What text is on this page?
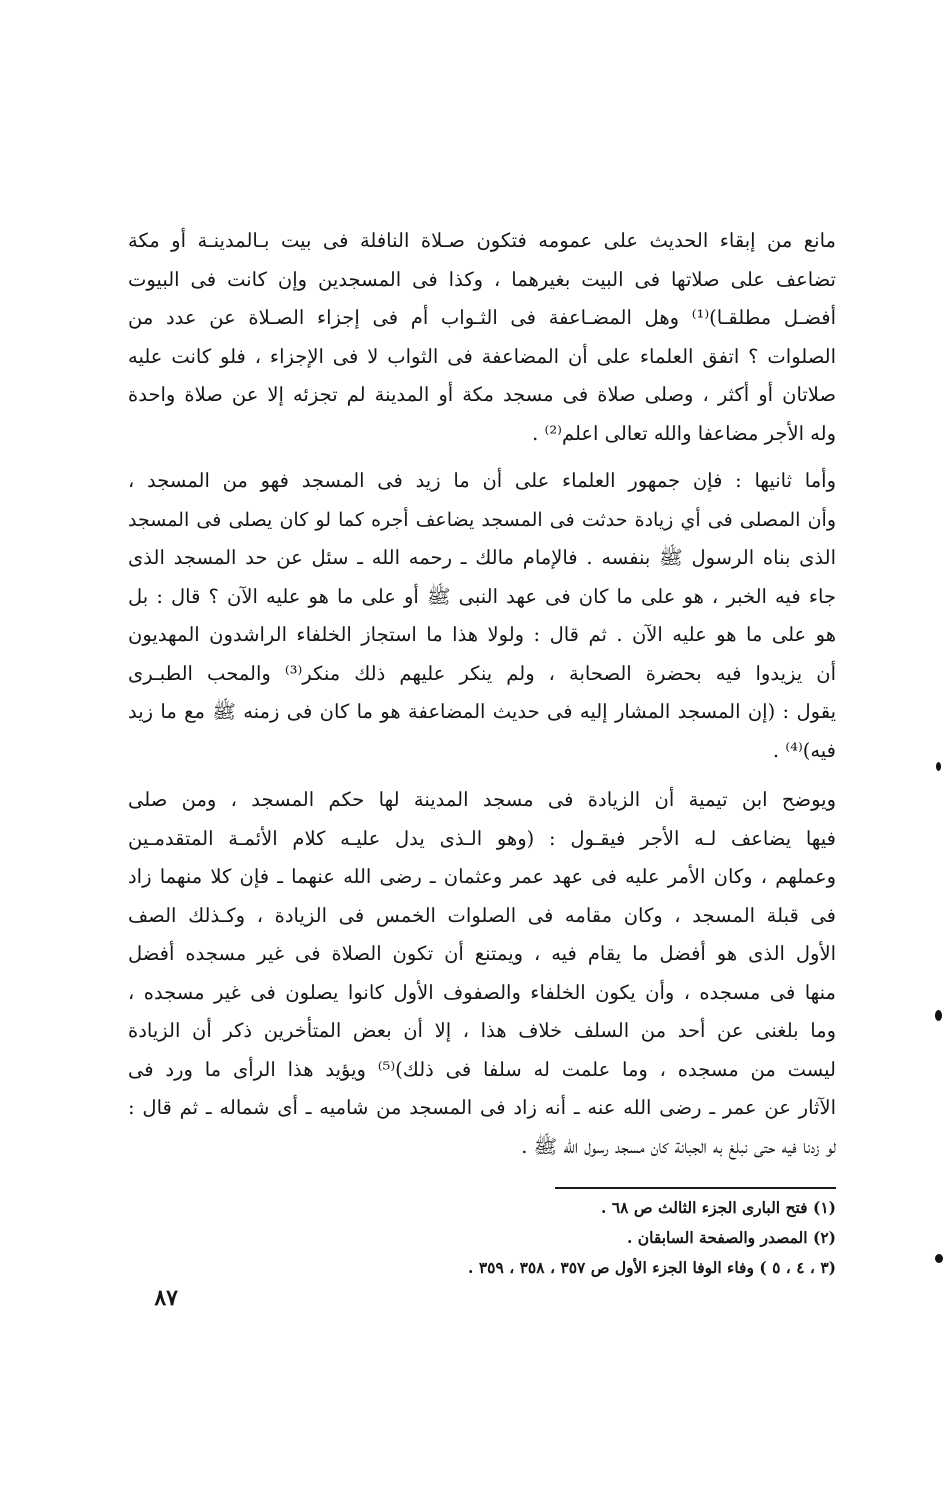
مانع من إبقاء الحديث على عمومه فتكون صـلاة النافلة فى بيت بـالمدينـة أو مكة
تضاعف على صلاتها فى البيت بغيرهما ، وكذا فى المسجدين وإن كانت فى البيوت
أفضـل مطلقـا)⁽¹⁾ وهل المضـاعفة فى الثـواب أم فى إجزاء الصـلاة عن عدد من
الصلوات ؟ اتفق العلماء على أن المضاعفة فى الثواب لا فى الإجزاء ، فلو كانت عليه
صلاتان أو أكثر ، وصلى صلاة فى مسجد مكة أو المدينة لم تجزئه إلا عن صلاة واحدة
وله الأجر مضاعفا والله تعالى اعلم⁽²⁾ .
وأما ثانيها : فإن جمهور العلماء على أن ما زيد فى المسجد فهو من المسجد ،
وأن المصلى فى أي زيادة حدثت فى المسجد يضاعف أجره كما لو كان يصلى فى المسجد
الذى بناه الرسول ﷺ بنفسه . فالإمام مالك ـ رحمه الله ـ سئل عن حد المسجد الذى
جاء فيه الخبر ، هو على ما كان فى عهد النبى ﷺ أو على ما هو عليه الآن ؟ قال : بل
هو على ما هو عليه الآن . ثم قال : ولولا هذا ما استجاز الخلفاء الراشدون المهديون
أن يزيدوا فيه بحضرة الصحابة ، ولم ينكر عليهم ذلك منكر⁽³⁾ والمحب الطبـرى
يقول : (إن المسجد المشار إليه فى حديث المضاعفة هو ما كان فى زمنه ﷺ مع ما زيد
فيه)⁽⁴⁾ .
ويوضح ابن تيمية أن الزيادة فى مسجد المدينة لها حكم المسجد ، ومن صلى
فيها يضاعف لـه الأجر فيقـول : (وهو الـذى يدل عليـه كلام الأئمـة المتقدمـين
وعملهم ، وكان الأمر عليه فى عهد عمر وعثمان ـ رضى الله عنهما ـ فإن كلا منهما زاد
فى قبلة المسجد ، وكان مقامه فى الصلوات الخمس فى الزيادة ، وكـذلك الصف
الأول الذى هو أفضل ما يقام فيه ، ويمتنع أن تكون الصلاة فى غير مسجده أفضل
منها فى مسجده ، وأن يكون الخلفاء والصفوف الأول كانوا يصلون فى غير مسجده ،
وما بلغنى عن أحد من السلف خلاف هذا ، إلا أن بعض المتأخرين ذكر أن الزيادة
ليست من مسجده ، وما علمت له سلفا فى ذلك)⁽⁵⁾ ويؤيد هذا الرأى ما ورد فى
الآثار عن عمر ـ رضى الله عنه ـ أنه زاد فى المسجد من شاميه ـ أى شماله ـ ثم قال :
لو زدنا فيه حتى نبلغ به الجبانة كان مسجد رسول الله ﷺ .
(١) فتح البارى الجزء الثالث ص ٦٨ .
(٢) المصدر والصفحة السابقان .
(٣ ، ٤ ، ٥ ) وفاء الوفا الجزء الأول ص ٣٥٧ ، ٣٥٨ ، ٣٥٩ .
٨٧
